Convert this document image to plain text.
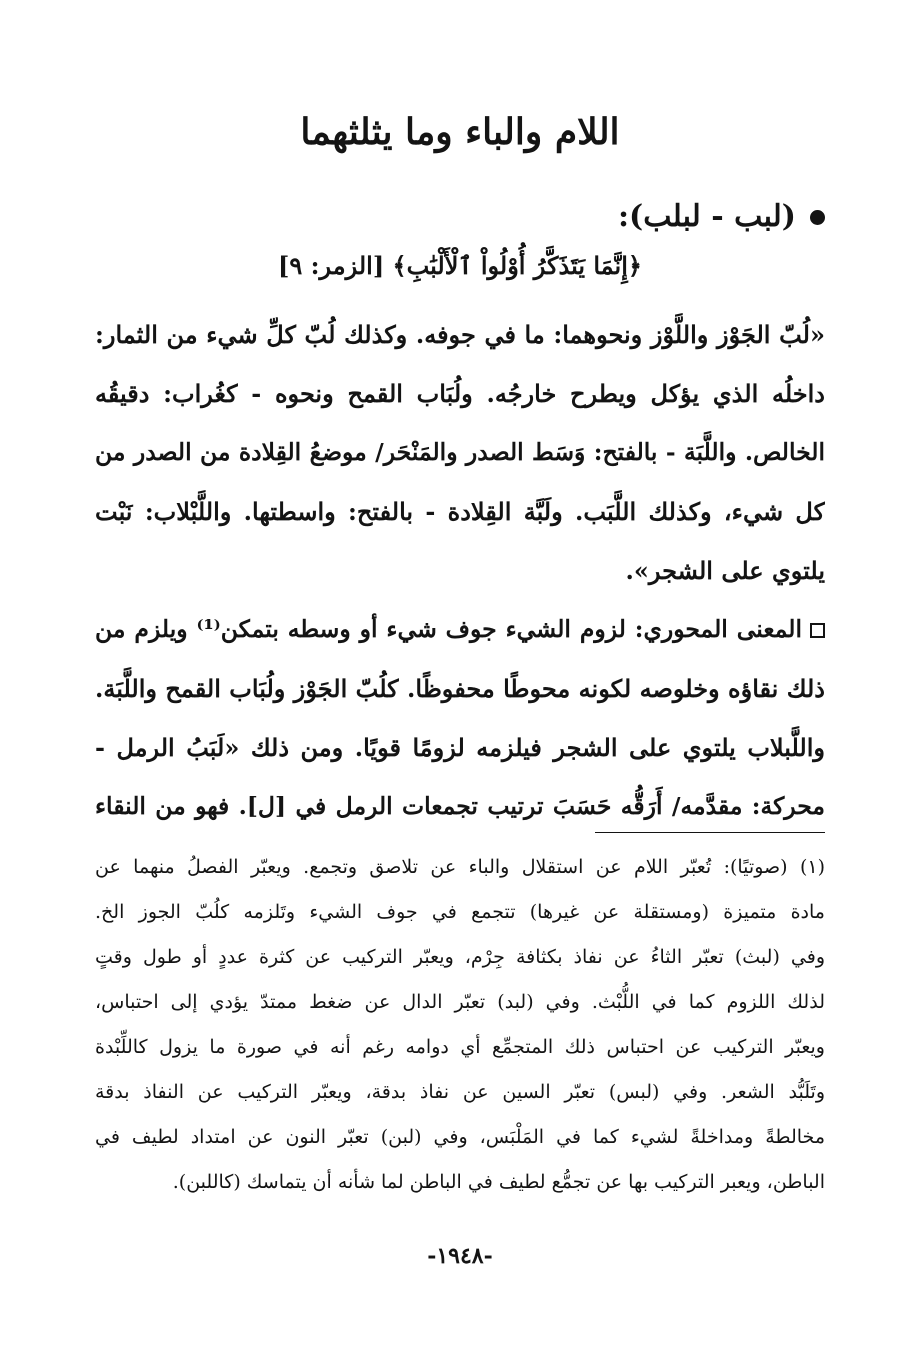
اللام والباء وما يثلثهما
(لبب - لبلب):

﴿إِنَّمَا يَتَذَكَّرُ أُوْلُواْ ٱلْأَلْبَٰبِ﴾ [الزمر: ٩]

«لُبّ الجَوْز واللَّوْز ونحوهما: ما في جوفه. وكذلك لُبّ كلِّ شيء من الثمار:
داخلُه الذي يؤكل ويطرح خارجُه. ولُبَاب القمح ونحوه - كغُراب: دقيقُه
الخالص. واللَّبَة - بالفتح: وَسَط الصدر والمَنْحَر/ موضعُ القِلادة من الصدر من
كل شيء، وكذلك اللَّبَب. ولَبَّة القِلادة - بالفتح: واسطتها. واللَّبْلاب: نَبْت
يلتوي على الشجر».
المعنى المحوري: لزوم الشيء جوف شيء أو وسطه بتمكن⁽¹⁾ ويلزم من
ذلك نقاؤه وخلوصه لكونه محوطًا محفوظًا. كلُبّ الجَوْز ولُبَاب القمح واللَّبَة.
واللَّبلاب يلتوي على الشجر فيلزمه لزومًا قويًا. ومن ذلك «لَبَبُ الرمل -
محركة: مقدَّمه/ أَرَقُّه حَسَبَ ترتيب تجمعات الرمل في [ل]. فهو من النقاء
(١) (صوتيًا): تُعبّر اللام عن استقلال والباء عن تلاصق وتجمع. ويعبّر الفصلُ منهما عن
مادة متميزة (ومستقلة عن غيرها) تتجمع في جوف الشيء وتَلزمه كلُبّ الجوز الخ.
وفي (لبث) تعبّر الثاءُ عن نفاذ بكثافة جِرْم، ويعبّر التركيب عن كثرة عددٍ أو طول وقتٍ
لذلك اللزوم كما في اللُّبْث. وفي (لبد) تعبّر الدال عن ضغط ممتدّ يؤدي إلى احتباس،
ويعبّر التركيب عن احتباس ذلك المتجمِّع أي دوامه رغم أنه في صورة ما يزول كاللِّبْدة
وتَلَبُّد الشعر. وفي (لبس) تعبّر السين عن نفاذ بدقة، ويعبّر التركيب عن النفاذ بدقة
مخالطةً ومداخلةً لشيء كما في المَلْبَس، وفي (لبن) تعبّر النون عن امتداد لطيف في
الباطن، ويعبر التركيب بها عن تجمُّع لطيف في الباطن لما شأنه أن يتماسك (كاللبن).
-١٩٤٨-
